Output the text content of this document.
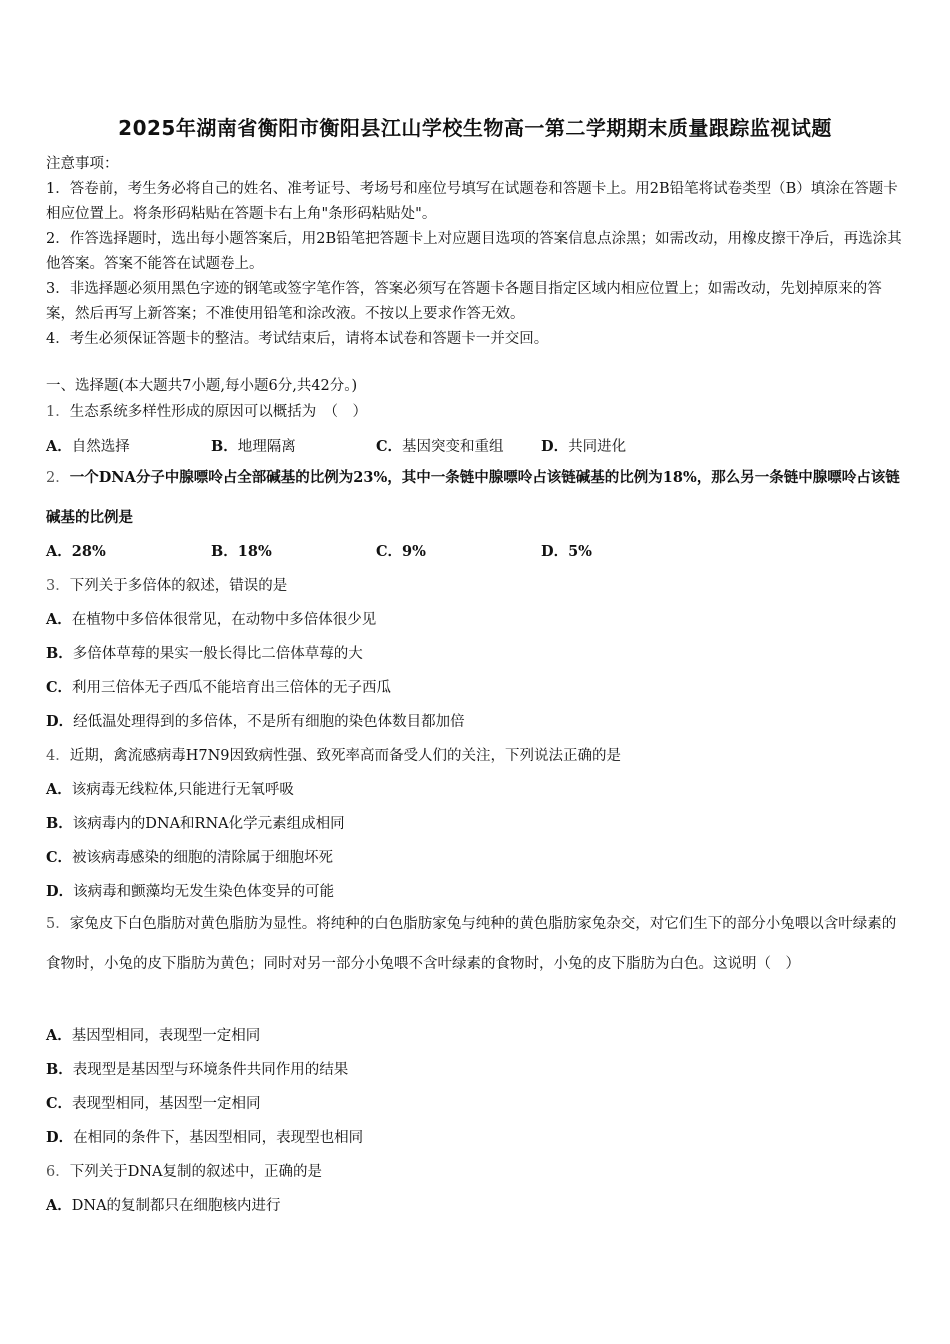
2025年湖南省衡阳市衡阳县江山学校生物高一第二学期期末质量跟踪监视试题

注意事项：

1．答卷前，考生务必将自己的姓名、准考证号、考场号和座位号填写在试题卷和答题卡上。用2B铅笔将试卷类型（B）填涂在答题卡相应位置上。将条形码粘贴在答题卡右上角"条形码粘贴处"。

2．作答选择题时，选出每小题答案后，用2B铅笔把答题卡上对应题目选项的答案信息点涂黑；如需改动，用橡皮擦干净后，再选涂其他答案。答案不能答在试题卷上。

3．非选择题必须用黑色字迹的钢笔或签字笔作答，答案必须写在答题卡各题目指定区域内相应位置上；如需改动，先划掉原来的答案，然后再写上新答案；不准使用铅笔和涂改液。不按以上要求作答无效。

4．考生必须保证答题卡的整洁。考试结束后，请将本试卷和答题卡一并交回。

一、选择题(本大题共7小题,每小题6分,共42分。)
1．生态系统多样性形成的原因可以概括为　（　）
A．自然选择	B．地理隔离	C．基因突变和重组	D．共同进化
2．一个DNA分子中腺嘌呤占全部碱基的比例为23%，其中一条链中腺嘌呤占该链碱基的比例为18%，那么另一条链中腺嘌呤占该链碱基的比例是
A．28%	B．18%	C．9%	D．5%
3．下列关于多倍体的叙述，错误的是
A．在植物中多倍体很常见，在动物中多倍体很少见
B．多倍体草莓的果实一般长得比二倍体草莓的大
C．利用三倍体无子西瓜不能培育出三倍体的无子西瓜
D．经低温处理得到的多倍体，不是所有细胞的染色体数目都加倍
4．近期，禽流感病毒H7N9因致病性强、致死率高而备受人们的关注，下列说法正确的是
A．该病毒无线粒体,只能进行无氧呼吸
B．该病毒内的DNA和RNA化学元素组成相同
C．被该病毒感染的细胞的清除属于细胞坏死
D．该病毒和颤藻均无发生染色体变异的可能
5．家兔皮下白色脂肪对黄色脂肪为显性。将纯种的白色脂肪家兔与纯种的黄色脂肪家兔杂交，对它们生下的部分小兔喂以含叶绿素的食物时，小兔的皮下脂肪为黄色；同时对另一部分小兔喂不含叶绿素的食物时，小兔的皮下脂肪为白色。这说明（　）
A．基因型相同，表现型一定相同
B．表现型是基因型与环境条件共同作用的结果
C．表现型相同，基因型一定相同
D．在相同的条件下，基因型相同，表现型也相同
6．下列关于DNA复制的叙述中，正确的是
A．DNA的复制都只在细胞核内进行
